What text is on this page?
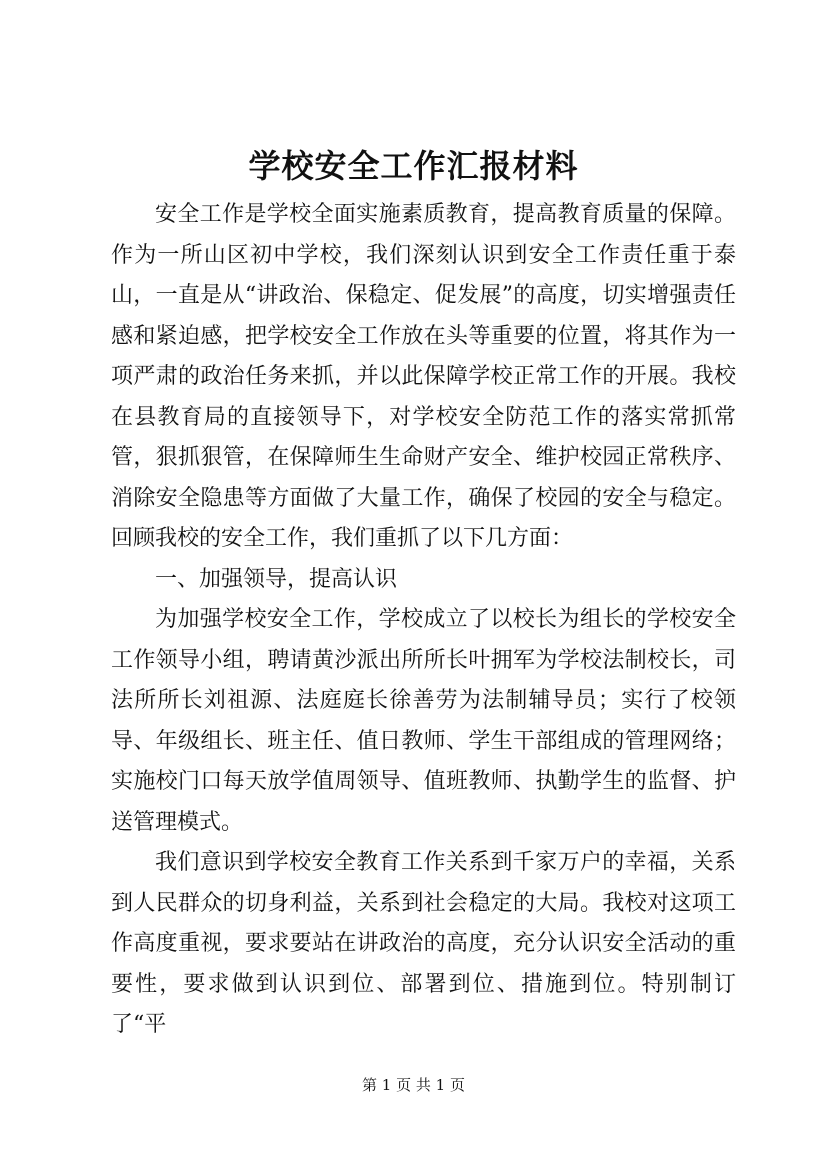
学校安全工作汇报材料

安全工作是学校全面实施素质教育，提高教育质量的保障。作为一所山区初中学校，我们深刻认识到安全工作责任重于泰山，一直是从“讲政治、保稳定、促发展”的高度，切实增强责任感和紧迫感，把学校安全工作放在头等重要的位置，将其作为一项严肃的政治任务来抓，并以此保障学校正常工作的开展。我校在县教育局的直接领导下，对学校安全防范工作的落实常抓常管，狠抓狠管，在保障师生生命财产安全、维护校园正常秩序、消除安全隐患等方面做了大量工作，确保了校园的安全与稳定。回顾我校的安全工作，我们重抓了以下几方面：

一、加强领导，提高认识

为加强学校安全工作，学校成立了以校长为组长的学校安全工作领导小组，聘请黄沙派出所所长叶拥军为学校法制校长，司法所所长刘祖源、法庭庭长徐善劳为法制辅导员；实行了校领导、年级组长、班主任、值日教师、学生干部组成的管理网络；实施校门口每天放学值周领导、值班教师、执勤学生的监督、护送管理模式。

我们意识到学校安全教育工作关系到千家万户的幸福，关系到人民群众的切身利益，关系到社会稳定的大局。我校对这项工作高度重视，要求要站在讲政治的高度，充分认识安全活动的重要性，要求做到认识到位、部署到位、措施到位。特别制订了“平

第 1 页 共 1 页
